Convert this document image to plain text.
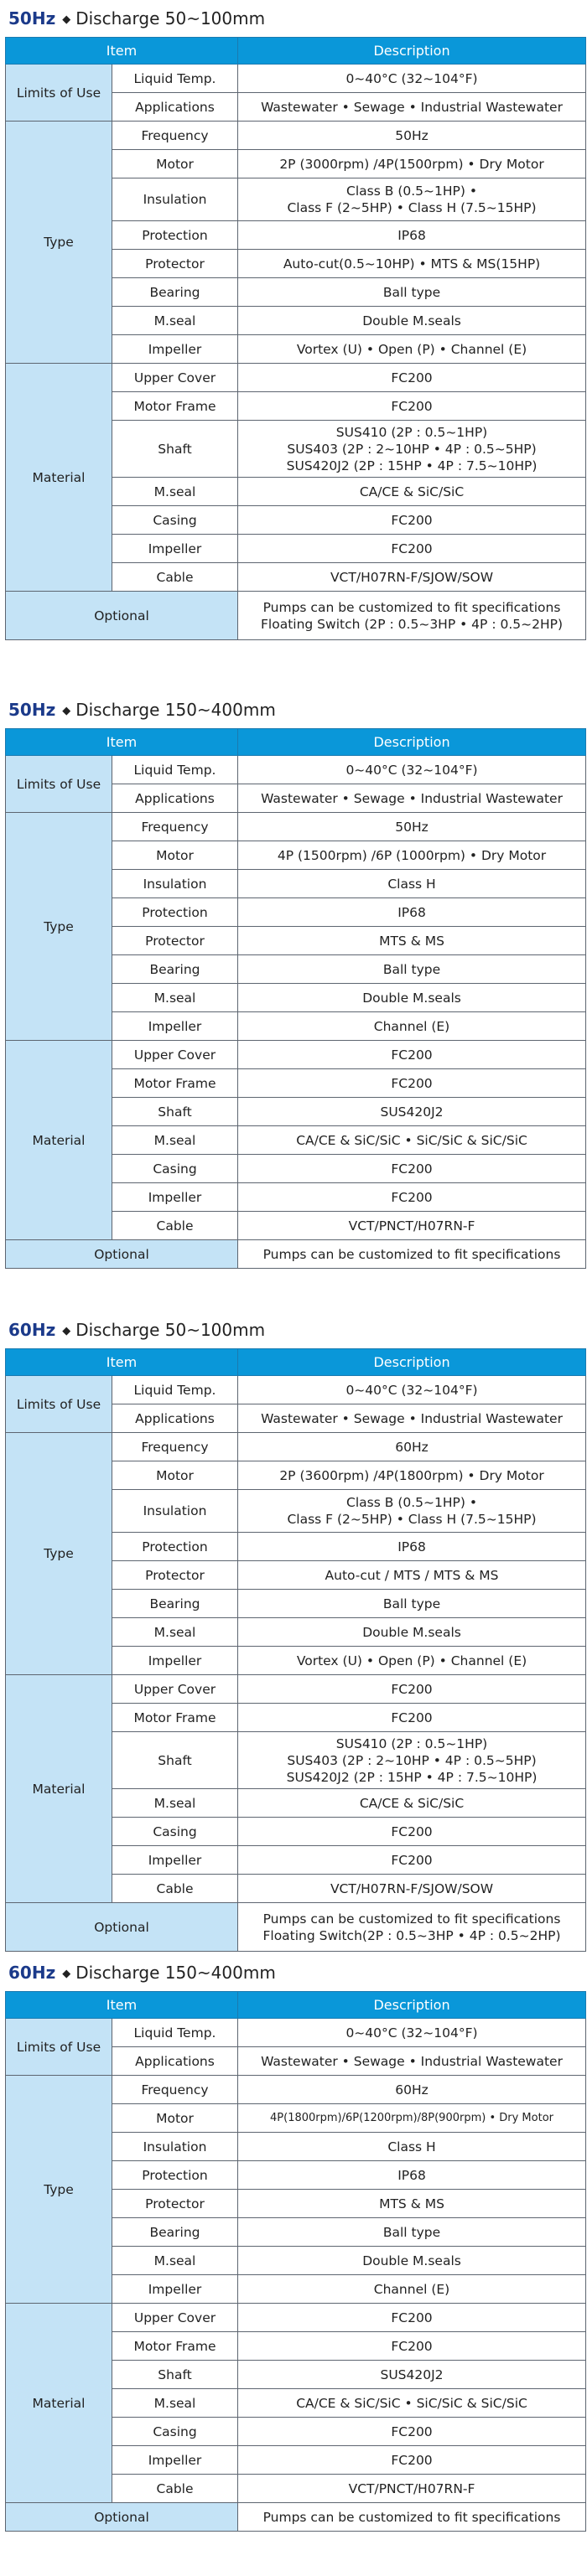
50Hz ◆ Discharge 50~100mm
Item		Description
Limits of Use	Liquid Temp.	0~40°C (32~104°F)

	Applications	Wastewater • Sewage • Industrial Wastewater

Type	Frequency	50Hz

	Motor	2P (3000rpm) /4P(1500rpm) • Dry Motor

	Insulation	Class B (0.5~1HP) •
Class F (2~5HP) • Class H (7.5~15HP)

	Protection	IP68

	Protector	Auto-cut(0.5~10HP) • MTS & MS(15HP)

	Bearing	Ball type

	M.seal	Double M.seals

	Impeller	Vortex (U) • Open (P) • Channel (E)

Material	Upper Cover	FC200

	Motor Frame	FC200

	Shaft	SUS410 (2P : 0.5~1HP)
SUS403 (2P : 2~10HP • 4P : 0.5~5HP)
SUS420J2 (2P : 15HP • 4P : 7.5~10HP)

	M.seal	CA/CE & SiC/SiC

	Casing	FC200

	Impeller	FC200

	Cable	VCT/H07RN-F/SJOW/SOW

Optional		Pumps can be customized to fit specifications
Floating Switch (2P : 0.5~3HP • 4P : 0.5~2HP)
50Hz ◆ Discharge 150~400mm
Item		Description
Limits of Use	Liquid Temp.	0~40°C (32~104°F)

	Applications	Wastewater • Sewage • Industrial Wastewater

Type	Frequency	50Hz

	Motor	4P (1500rpm) /6P (1000rpm) • Dry Motor

	Insulation	Class H

	Protection	IP68

	Protector	MTS & MS

	Bearing	Ball type

	M.seal	Double M.seals

	Impeller	Channel (E)

Material	Upper Cover	FC200

	Motor Frame	FC200

	Shaft	SUS420J2

	M.seal	CA/CE & SiC/SiC • SiC/SiC & SiC/SiC

	Casing	FC200

	Impeller	FC200

	Cable	VCT/PNCT/H07RN-F

Optional		Pumps can be customized to fit specifications
60Hz ◆ Discharge 50~100mm
Item		Description
Limits of Use	Liquid Temp.	0~40°C (32~104°F)

	Applications	Wastewater • Sewage • Industrial Wastewater

Type	Frequency	60Hz

	Motor	2P (3600rpm) /4P(1800rpm) • Dry Motor

	Insulation	Class B (0.5~1HP) •
Class F (2~5HP) • Class H (7.5~15HP)

	Protection	IP68

	Protector	Auto-cut / MTS / MTS & MS

	Bearing	Ball type

	M.seal	Double M.seals

	Impeller	Vortex (U) • Open (P) • Channel (E)

Material	Upper Cover	FC200

	Motor Frame	FC200

	Shaft	SUS410 (2P : 0.5~1HP)
SUS403 (2P : 2~10HP • 4P : 0.5~5HP)
SUS420J2 (2P : 15HP • 4P : 7.5~10HP)

	M.seal	CA/CE & SiC/SiC

	Casing	FC200

	Impeller	FC200

	Cable	VCT/H07RN-F/SJOW/SOW

Optional		Pumps can be customized to fit specifications
Floating Switch(2P : 0.5~3HP • 4P : 0.5~2HP)
60Hz ◆ Discharge 150~400mm
Item		Description
Limits of Use	Liquid Temp.	0~40°C (32~104°F)

	Applications	Wastewater • Sewage • Industrial Wastewater

Type	Frequency	60Hz

	Motor	4P(1800rpm)/6P(1200rpm)/8P(900rpm) • Dry Motor

	Insulation	Class H

	Protection	IP68

	Protector	MTS & MS

	Bearing	Ball type

	M.seal	Double M.seals

	Impeller	Channel (E)

Material	Upper Cover	FC200

	Motor Frame	FC200

	Shaft	SUS420J2

	M.seal	CA/CE & SiC/SiC • SiC/SiC & SiC/SiC

	Casing	FC200

	Impeller	FC200

	Cable	VCT/PNCT/H07RN-F

Optional		Pumps can be customized to fit specifications
